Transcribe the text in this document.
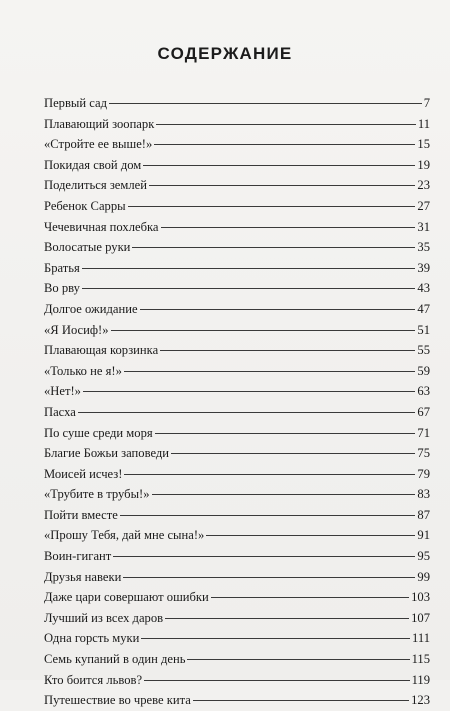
СОДЕРЖАНИЕ
Первый сад	7
Плавающий зоопарк	11
«Стройте ее выше!»	15
Покидая свой дом	19
Поделиться землей	23
Ребенок Сарры	27
Чечевичная похлебка	31
Волосатые руки	35
Братья	39
Во рву	43
Долгое ожидание	47
«Я Иосиф!»	51
Плавающая корзинка	55
«Только не я!»	59
«Нет!»	63
Пасха	67
По суше среди моря	71
Благие Божьи заповеди	75
Моисей исчез!	79
«Трубите в трубы!»	83
Пойти вместе	87
«Прошу Тебя, дай мне сына!»	91
Воин-гигант	95
Друзья навеки	99
Даже цари совершают ошибки	103
Лучший из всех даров	107
Одна горсть муки	111
Семь купаний в один день	115
Кто боится львов?	119
Путешествие во чреве кита	123
